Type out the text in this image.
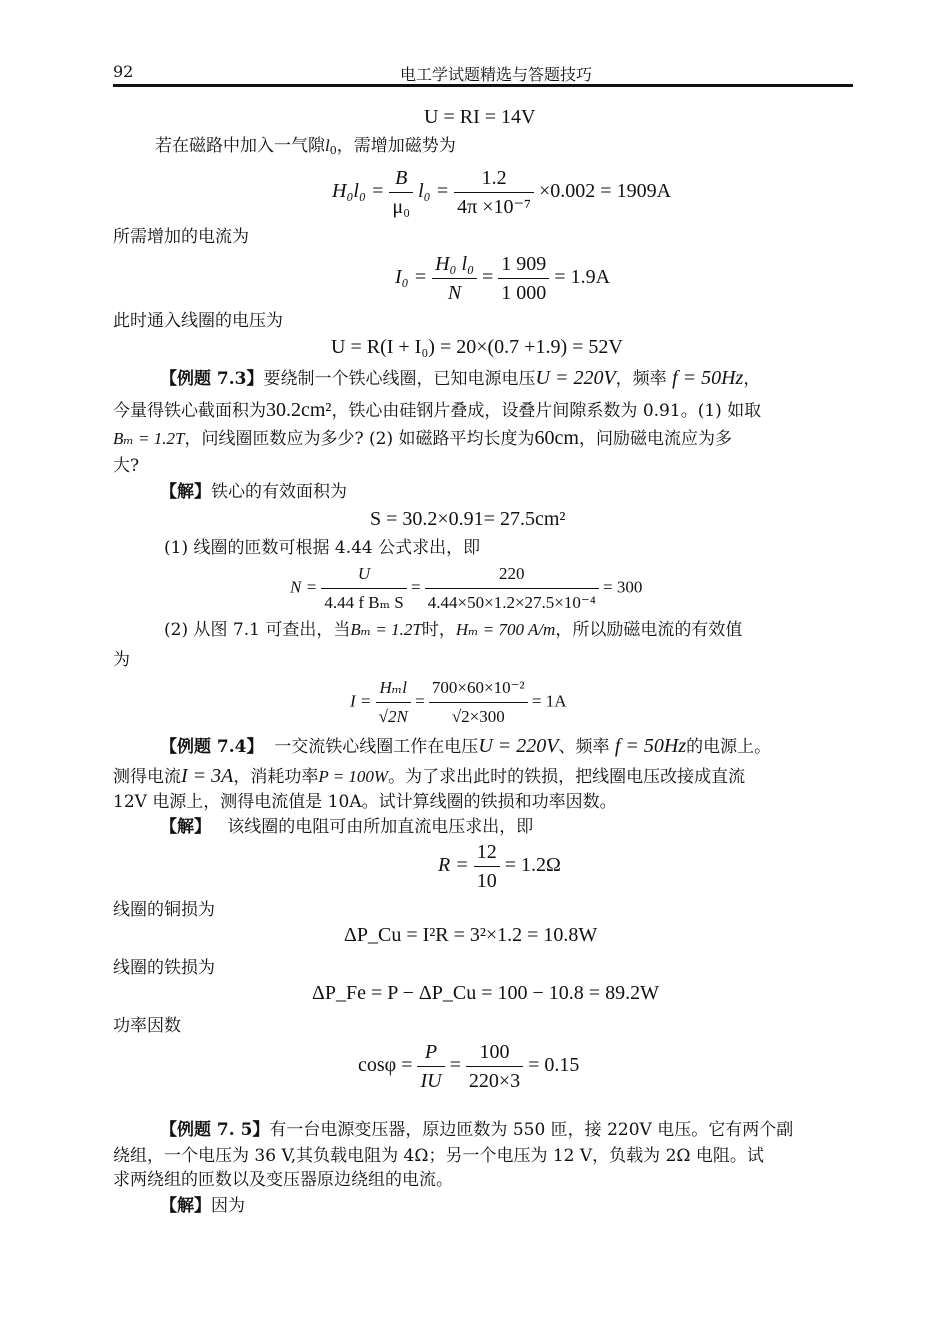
92	电工学试题精选与答题技巧
U = RI = 14V
若在磁路中加入一气隙$l_0$，需增加磁势为
$H_0l_0 = \frac{B}{\text{μ₀}} l_0 = \frac{1.2}{\text{4π ×10⁻⁷}} \times 0.002 = 1909A$
所需增加的电流为
$I_0 = \frac{\text{H₀ l₀}}{N} = \frac{1 909}{1 000} = 1.9A$
此时通入线圈的电压为
U = R(I + I₀) = 20×(0.7 +1.9) = 52V
【例题 7.3】要绕制一个铁心线圈，已知电源电压U = 220V，频率 f = 50Hz，
今量得铁心截面积为30.2cm²，铁心由硅钢片叠成，设叠片间隙系数为 0.91。(1) 如取
Bₘ = 1.2T，问线圈匝数应为多少? (2) 如磁路平均长度为60cm，问励磁电流应为多
大?
【解】铁心的有效面积为
S = 30.2×0.91= 27.5cm²
(1) 线圈的匝数可根据 4.44 公式求出，即
$N = \frac{U}{\text{4.44 f Bₘ S}} = \frac{220}{\text{4.44×50×1.2×27.5×10⁻⁴}} = 300$
(2) 从图 7.1 可查出，当Bₘ = 1.2T时，Hₘ = 700 A/m，所以励磁电流的有效值
为
$I = \frac{\text{Hₘl}}{√2N} = \frac{\text{700×60×10⁻²}}{√2\times 300} = 1A$
【例题 7.4】 一交流铁心线圈工作在电压U = 220V、频率 f = 50Hz的电源上。
测得电流I = 3A，消耗功率P = 100W。为了求出此时的铁损，把线圈电压改接成直流
12V 电源上，测得电流值是 10A。试计算线圈的铁损和功率因数。
【解】 该线圈的电阻可由所加直流电压求出，即
$R = \frac{12}{10} = 1.2\Omega$
线圈的铜损为
ΔP_Cu = I²R = 3²×1.2 = 10.8W
线圈的铁损为
ΔP_Fe = P − ΔP_Cu = 100 − 10.8 = 89.2W
功率因数
$\cos\varphi = \frac{P}{IU} = \frac{100}{220\times 3} = 0.15$
【例题 7. 5】有一台电源变压器，原边匝数为 550 匝，接 220V 电压。它有两个副
绕组，一个电压为 36 V,其负载电阻为 4Ω；另一个电压为 12 V，负载为 2Ω 电阻。试
求两绕组的匝数以及变压器原边绕组的电流。
【解】因为
